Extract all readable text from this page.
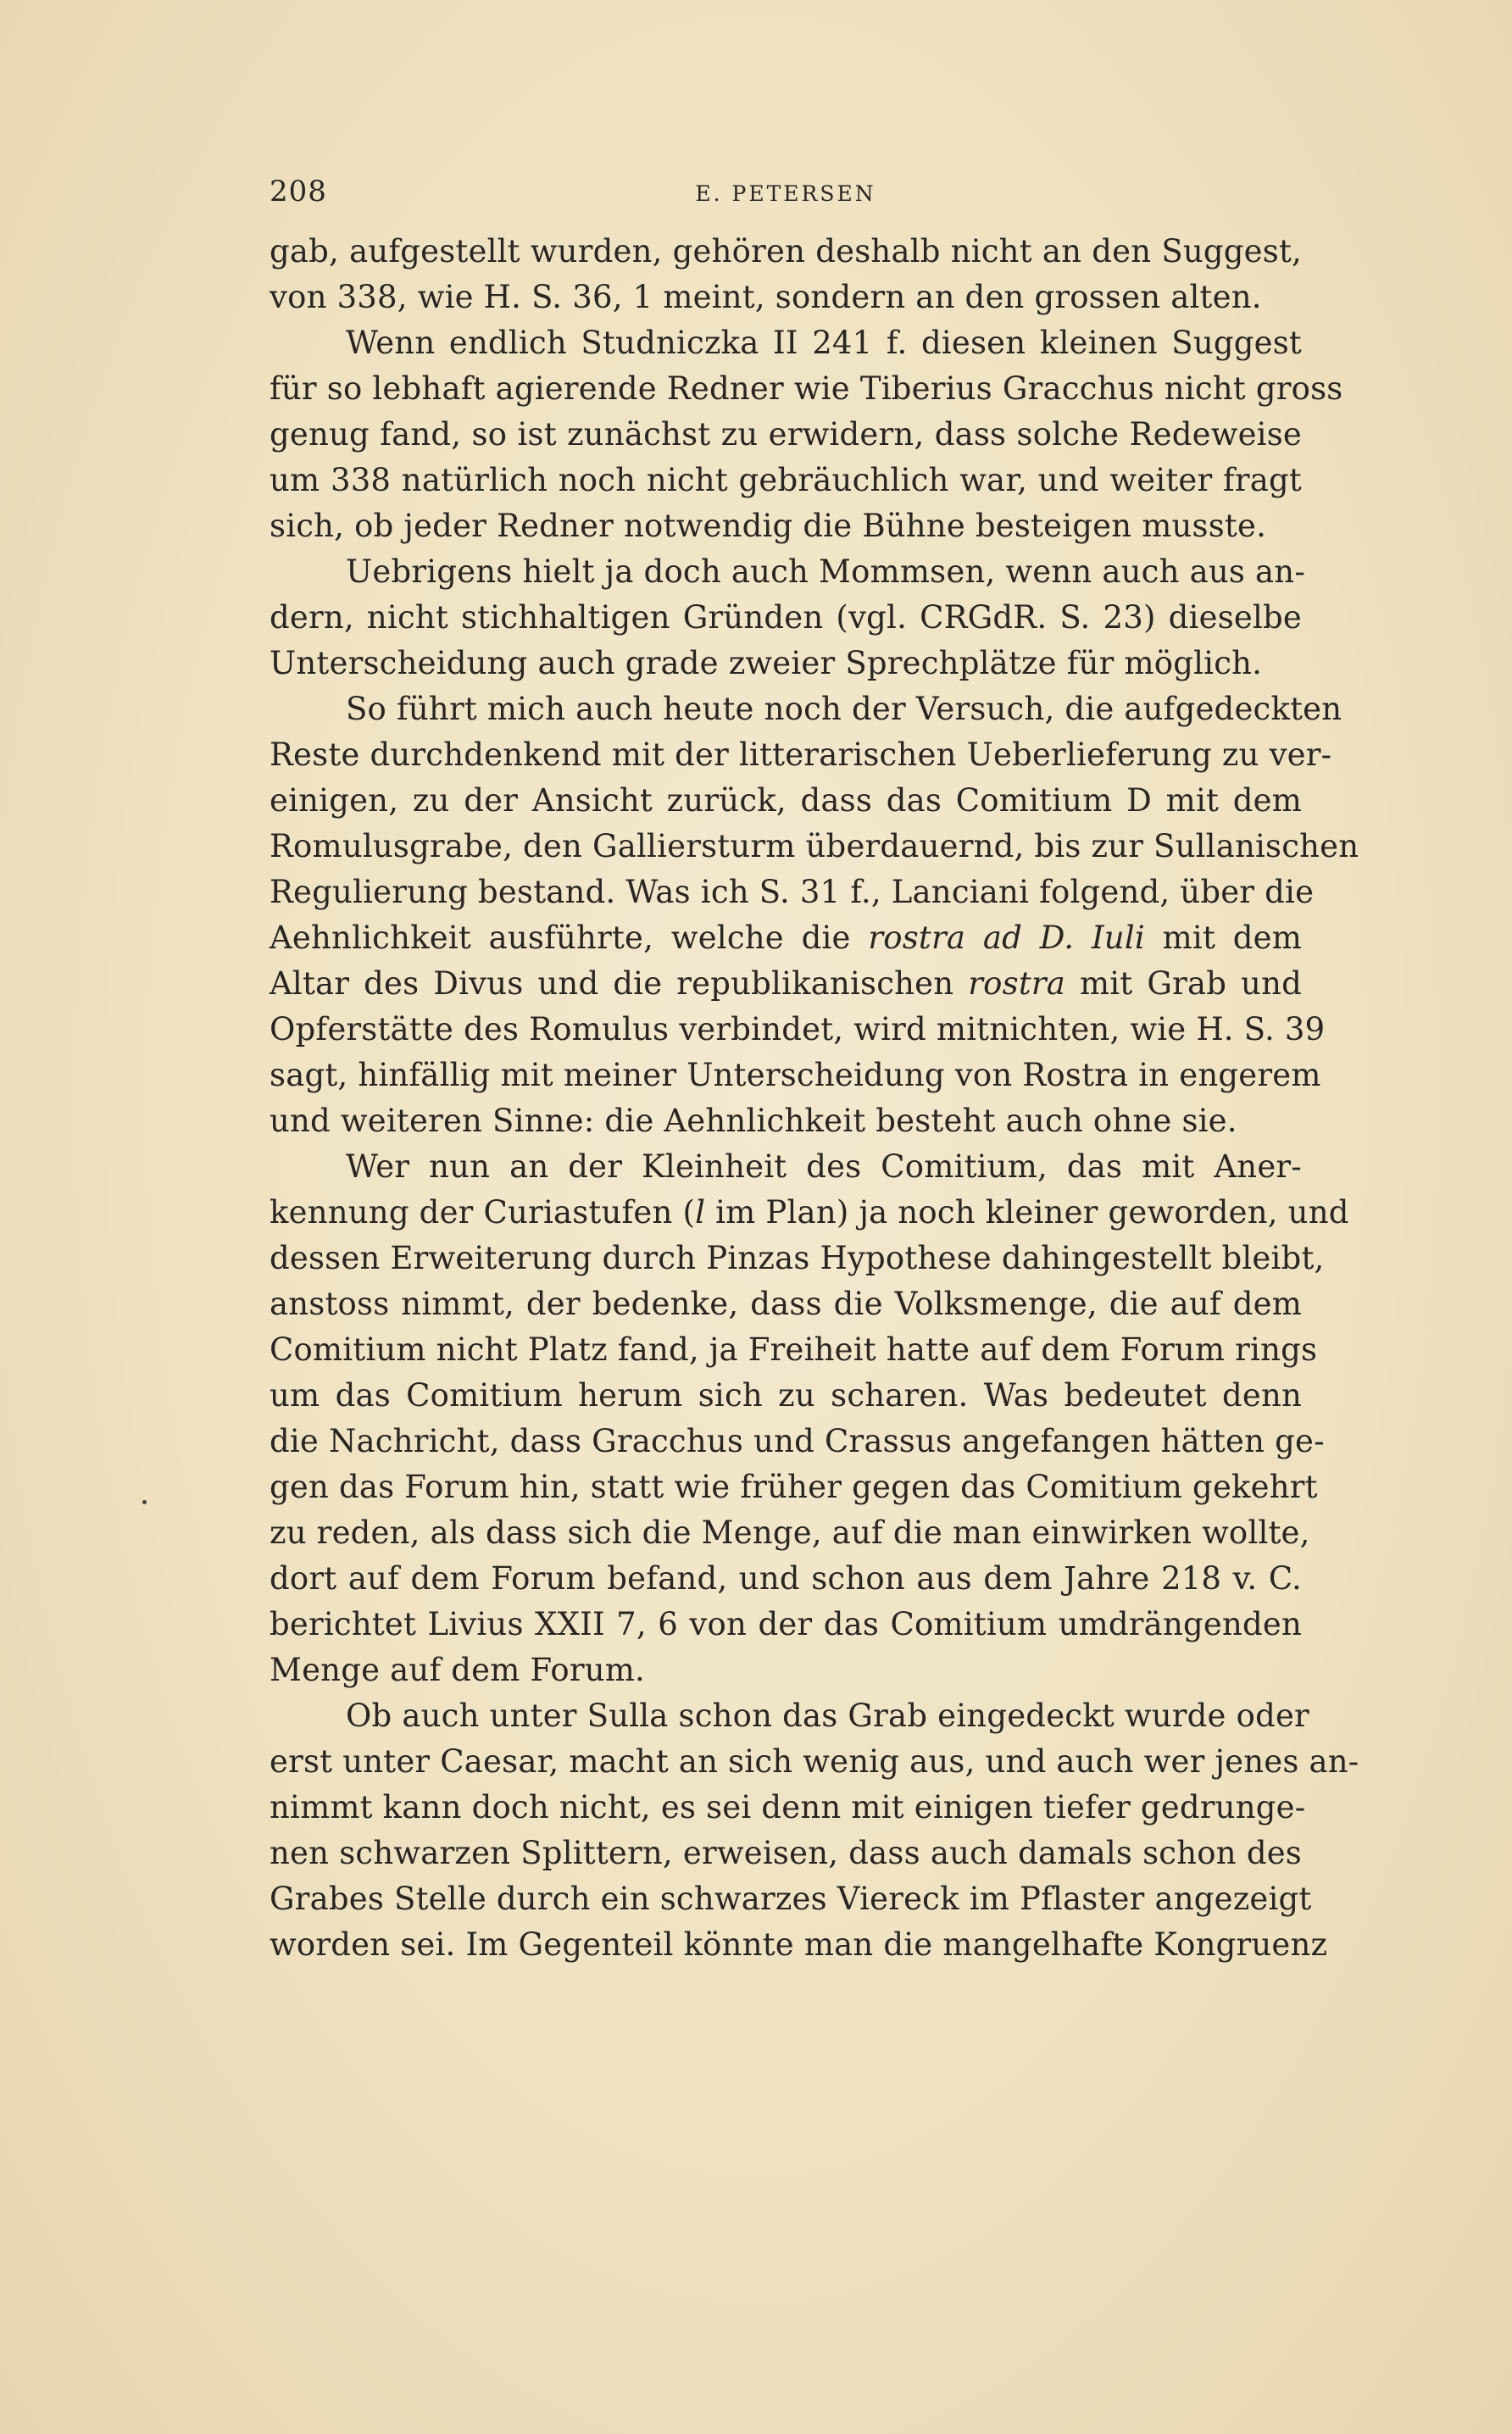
208	E. PETERSEN
gab, aufgestellt wurden, gehören deshalb nicht an den Suggest,
von 338, wie H. S. 36, 1 meint, sondern an den grossen alten.
Wenn endlich Studniczka II 241 f. diesen kleinen Suggest
für so lebhaft agierende Redner wie Tiberius Gracchus nicht gross
genug fand, so ist zunächst zu erwidern, dass solche Redeweise
um 338 natürlich noch nicht gebräuchlich war, und weiter fragt
sich, ob jeder Redner notwendig die Bühne besteigen musste.
Uebrigens hielt ja doch auch Mommsen, wenn auch aus an-
dern, nicht stichhaltigen Gründen (vgl. CRGdR. S. 23) dieselbe
Unterscheidung auch grade zweier Sprechplätze für möglich.
So führt mich auch heute noch der Versuch, die aufgedeckten
Reste durchdenkend mit der litterarischen Ueberlieferung zu ver-
einigen, zu der Ansicht zurück, dass das Comitium D mit dem
Romulusgrabe, den Galliersturm überdauernd, bis zur Sullanischen
Regulierung bestand. Was ich S. 31 f., Lanciani folgend, über die
Aehnlichkeit ausführte, welche die rostra ad D. Iuli mit dem
Altar des Divus und die republikanischen rostra mit Grab und
Opferstätte des Romulus verbindet, wird mitnichten, wie H. S. 39
sagt, hinfällig mit meiner Unterscheidung von Rostra in engerem
und weiteren Sinne: die Aehnlichkeit besteht auch ohne sie.
Wer nun an der Kleinheit des Comitium, das mit Aner-
kennung der Curiastufen (l im Plan) ja noch kleiner geworden, und
dessen Erweiterung durch Pinzas Hypothese dahingestellt bleibt,
anstoss nimmt, der bedenke, dass die Volksmenge, die auf dem
Comitium nicht Platz fand, ja Freiheit hatte auf dem Forum rings
um das Comitium herum sich zu scharen. Was bedeutet denn
die Nachricht, dass Gracchus und Crassus angefangen hätten ge-
gen das Forum hin, statt wie früher gegen das Comitium gekehrt
zu reden, als dass sich die Menge, auf die man einwirken wollte,
dort auf dem Forum befand, und schon aus dem Jahre 218 v. C.
berichtet Livius XXII 7, 6 von der das Comitium umdrängenden
Menge auf dem Forum.
Ob auch unter Sulla schon das Grab eingedeckt wurde oder
erst unter Caesar, macht an sich wenig aus, und auch wer jenes an-
nimmt kann doch nicht, es sei denn mit einigen tiefer gedrunge-
nen schwarzen Splittern, erweisen, dass auch damals schon des
Grabes Stelle durch ein schwarzes Viereck im Pflaster angezeigt
worden sei. Im Gegenteil könnte man die mangelhafte Kongruenz
